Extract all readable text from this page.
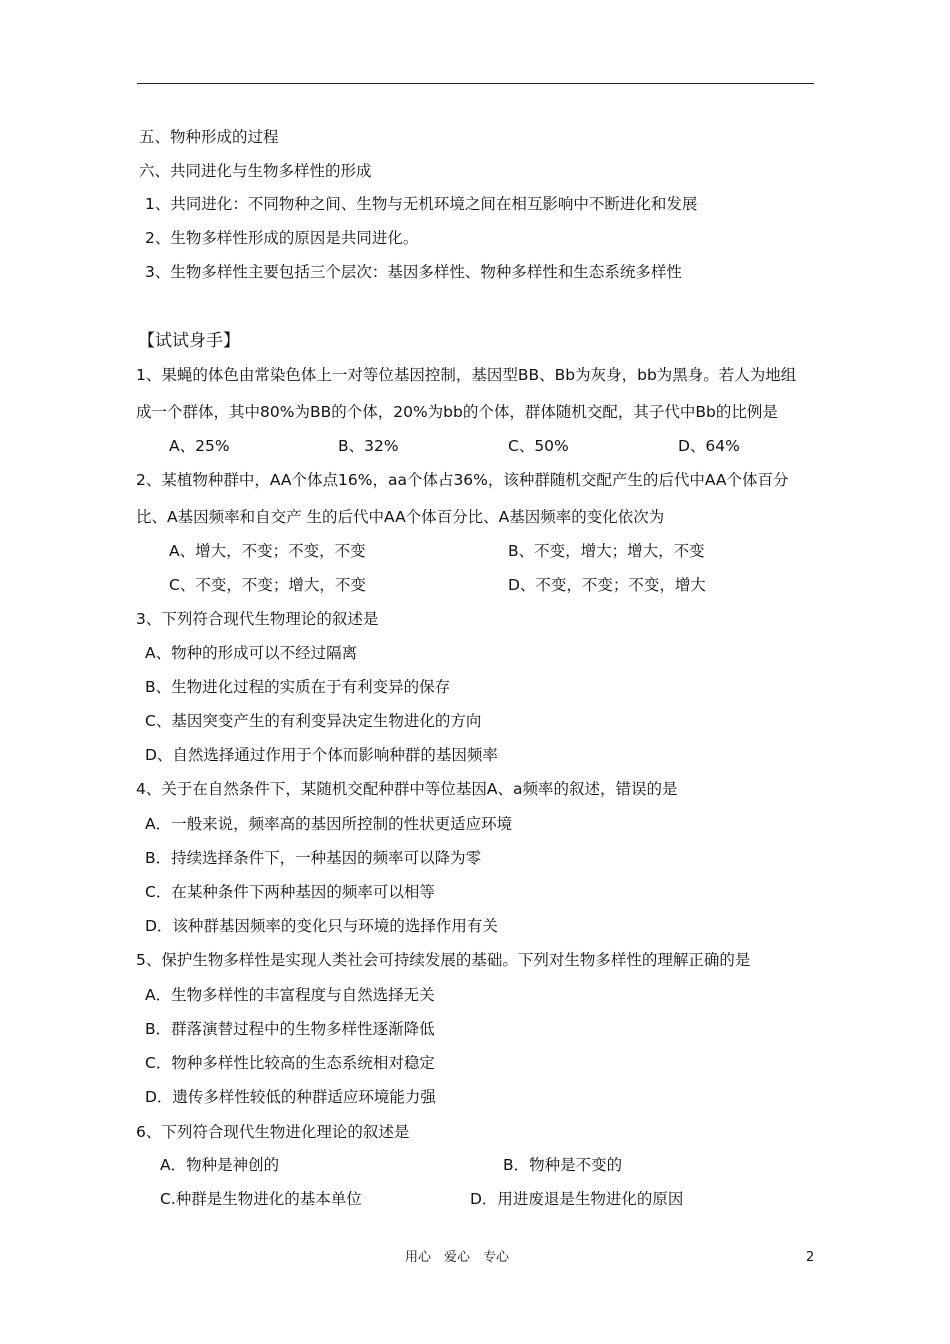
五、物种形成的过程
六、共同进化与生物多样性的形成
1、共同进化：不同物种之间、生物与无机环境之间在相互影响中不断进化和发展
2、生物多样性形成的原因是共同进化。
3、生物多样性主要包括三个层次：基因多样性、物种多样性和生态系统多样性
【试试身手】
1、果蝇的体色由常染色体上一对等位基因控制，基因型BB、Bb为灰身，bb为黑身。若人为地组
成一个群体，其中80%为BB的个体，20%为bb的个体，群体随机交配，其子代中Bb的比例是
A、25%	B、32%	C、50%	D、64%
2、某植物种群中，AA个体点16%，aa个体占36%，该种群随机交配产生的后代中AA个体百分
比、A基因频率和自交产 生的后代中AA个体百分比、A基因频率的变化依次为
A、增大，不变；不变，不变	B、不变，增大；增大，不变
C、不变，不变；增大，不变	D、不变，不变；不变，增大
3、下列符合现代生物理论的叙述是
A、物种的形成可以不经过隔离
B、生物进化过程的实质在于有利变异的保存
C、基因突变产生的有利变异决定生物进化的方向
D、自然选择通过作用于个体而影响种群的基因频率
4、关于在自然条件下，某随机交配种群中等位基因A、a频率的叙述，错误的是
A．一般来说，频率高的基因所控制的性状更适应环境
B．持续选择条件下，一种基因的频率可以降为零
C．在某种条件下两种基因的频率可以相等
D．该种群基因频率的变化只与环境的选择作用有关
5、保护生物多样性是实现人类社会可持续发展的基础。下列对生物多样性的理解正确的是
A．生物多样性的丰富程度与自然选择无关
B．群落演替过程中的生物多样性逐渐降低
C．物种多样性比较高的生态系统相对稳定
D．遗传多样性较低的种群适应环境能力强
6、下列符合现代生物进化理论的叙述是
A．物种是神创的	B．物种是不变的
C.种群是生物进化的基本单位	D．用进废退是生物进化的原因
用心　爱心　专心	2
